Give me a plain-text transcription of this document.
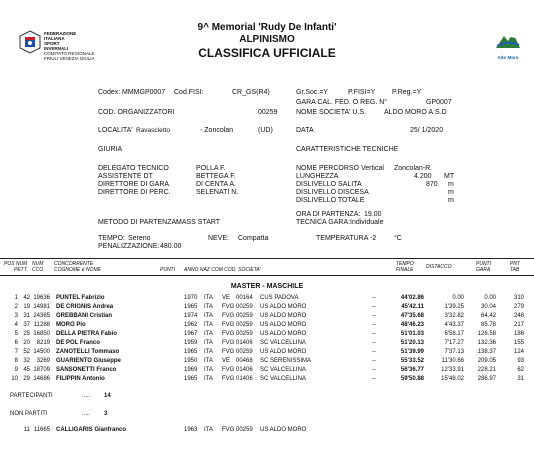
FEDERAZIONE
ITALIANA
SPORT
INVERNALI
COMITATO REGIONALE
FRIULI VENEZIA GIULIA
9^ Memorial 'Rudy De Infanti'
ALPINISMO
CLASSIFICA UFFICIALE	Alto Moro
Codex: MMMGP0007 Cod.FISI:	CR_GS(R4)	Gr.Soc.=Y	P.FISI=Y P.Reg.=Y
GARA CAL. FED. O REG. N°	GP0007
COD. ORGANIZZATORI	00259	NOME SOCIETA' U.S.	ALDO MORO A.S.D
LOCALITA' Ravascletto	- Zoncolan	(UD)	DATA	25/ 1/2020
GIURIA	CARATTERISTICHE TECNICHE
DELEGATO TECNICO	POLLA F.
ASSISTENTE DT	BETTEGA F.
DIRETTORE DI GARA	DI CENTA A.
DIRETTORE DI PERC.	SELENATI N.
NOME PERCORSO Vertical Zoncolan-R.
LUNGHEZZA	4.200 MT
DISLIVELLO SALITA	870 m
DISLIVELLO DISCESA	m
DISLIVELLO TOTALE	m
ORA DI PARTENZA: 19.00
METODO DI PARTENZA:
MASS START	TECNICA GARA: Individuale
TEMPO: Sereno	NEVE: Compatta	TEMPERATURA -2	°C
PENALIZZAZIONE: 480.00
POS NUM
PETT
NUM
CCO
CONCORRENTE
COGNOME e NOME	PUNTI ANNO NAZ COM COD. SOCIETA'
TEMPO
FINALE DISTACCO	PUNTI
GARA
PNT
TAB
MASTER - MASCHILE
1 42 19636 PUNTEL Fabrizio	1970 ITA VE 00164 CUS PADOVA	--	44'02.86	0.00	0.00	310
2 19 14981 DE CRIGNIS Andrea	1965 ITA FVG 00259 US ALDO MORO	--	45'42.11	1'39.25	30.04	279
3 31 24365 GREBBANI Cristian	1974 ITA FVG 00259 US ALDO MORO	--	47'35.68	3'32.82	64.42	248
4 37 11288 MORO Pio	1962 ITA FVG 00259 US ALDO MORO	--	48'46.23	4'43.37	85.78	217
5 25 16850 DELLA PIETRA Fabio	1967 ITA FVG 00259 US ALDO MORO	--	51'01.03	6'58.17	126.58	186
6 20	8219 DE POL Franco	1959 ITA FVG 01406 SC VALCELLINA	--	51'20.13	7'17.27	132.36	155
7 52 14500 ZANOTELLI Tommaso	1965 ITA FVG 00259 US ALDO MORO	--	51'39.99	7'37.13	138.37	124
8 32	3269 GUARIENTO Giuseppe	1950 ITA VE 00468 SC SERENISSIMA	--	55'33.52	11'30.66	209.05	93
9 45 18709 SANSONETTI Franco	1969 ITA FVG 01406 SC VALCELLINA	--	56'36.77	12'33.91	228.21	62
10 29 14686 FILIPPIN Antonio	1965 ITA FVG 01406 SC VALCELLINA	--	59'50.88	15'48.02	286.97	31
PARTECIPANTI	..... 14
NON PARTITI	..... 3
11 11665 CALLIGARIS Gianfranco	1963 ITA FVG 00259 US ALDO MORO
